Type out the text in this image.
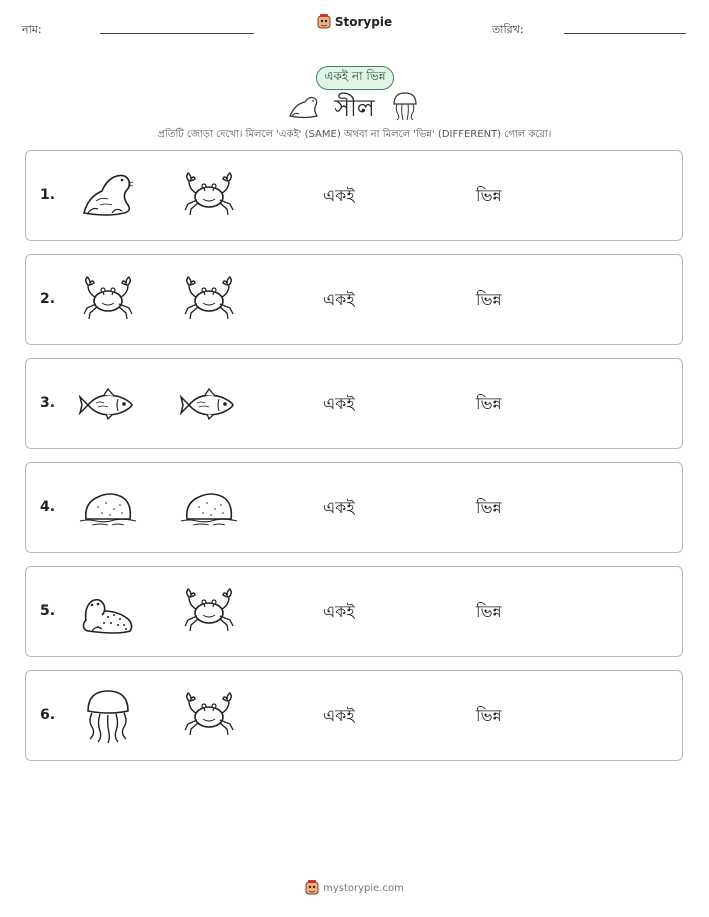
নাম:
Storypie
তারিখ:
একই না ভিন্ন
সীল
প্রতিটি জোড়া দেখো। মিললে 'একই' (SAME) অথবা না মিললে 'ভিন্ন' (DIFFERENT) গোল করো।
1.	একই	ভিন্ন
2.	একই	ভিন্ন
3.	একই	ভিন্ন
4.	একই	ভিন্ন
5.	একই	ভিন্ন
6.	একই	ভিন্ন
mystorypie.com
